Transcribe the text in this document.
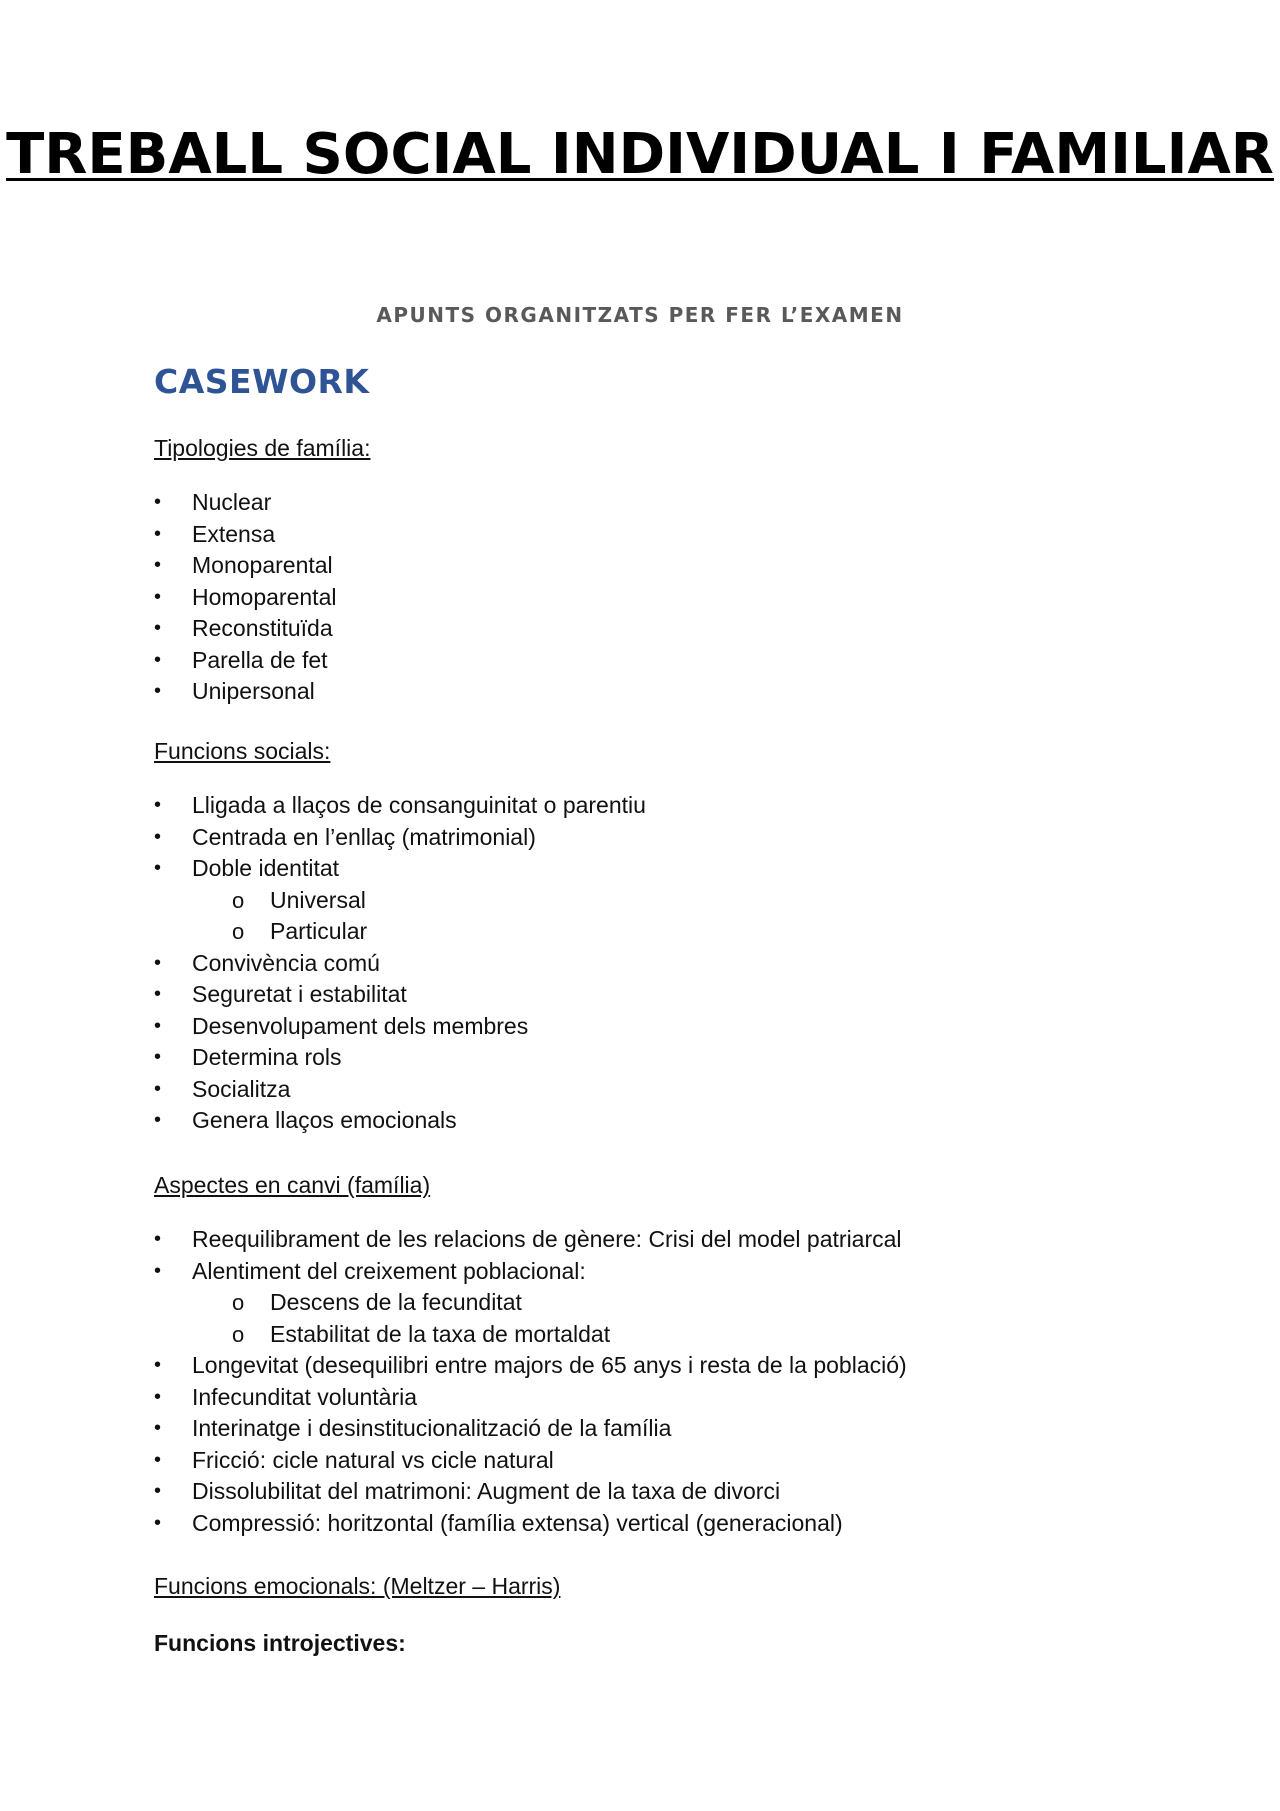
TREBALL SOCIAL INDIVIDUAL I FAMILIAR
APUNTS ORGANITZATS PER FER L’EXAMEN
CASEWORK

Tipologies de família:

• Nuclear
• Extensa
• Monoparental
• Homoparental
• Reconstituïda
• Parella de fet
• Unipersonal

Funcions socials:

• Lligada a llaços de consanguinitat o parentiu
• Centrada en l’enllaç (matrimonial)
• Doble identitat
o Universal
o Particular
• Convivència comú
• Seguretat i estabilitat
• Desenvolupament dels membres
• Determina rols
• Socialitza
• Genera llaços emocionals

Aspectes en canvi (família)

• Reequilibrament de les relacions de gènere: Crisi del model patriarcal
• Alentiment del creixement poblacional:
o Descens de la fecunditat
o Estabilitat de la taxa de mortaldat
• Longevitat (desequilibri entre majors de 65 anys i resta de la població)
• Infecunditat voluntària
• Interinatge i desinstitucionalització de la família
• Fricció: cicle natural vs cicle natural
• Dissolubilitat del matrimoni: Augment de la taxa de divorci
• Compressió: horitzontal (família extensa) vertical (generacional)

Funcions emocionals: (Meltzer – Harris)

Funcions introjectives:
